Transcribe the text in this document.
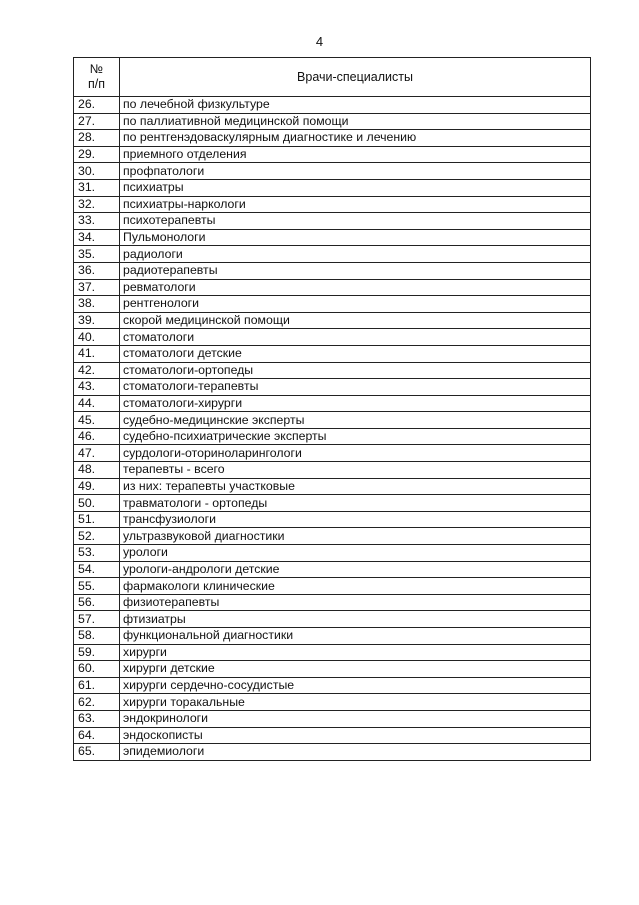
4
№
п/п	Врачи-специалисты
26.	по лечебной физкультуре
27.	по паллиативной медицинской помощи
28.	по рентгенэдоваскулярным диагностике и лечению
29.	приемного отделения
30.	профпатологи
31.	психиатры
32.	психиатры-наркологи
33.	психотерапевты
34.	Пульмонологи
35.	радиологи
36.	радиотерапевты
37.	ревматологи
38.	рентгенологи
39.	скорой медицинской помощи
40.	стоматологи
41.	стоматологи детские
42.	стоматологи-ортопеды
43.	стоматологи-терапевты
44.	стоматологи-хирурги
45.	судебно-медицинские эксперты
46.	судебно-психиатрические эксперты
47.	сурдологи-оториноларингологи
48.	терапевты - всего
49.	из них: терапевты участковые
50.	травматологи - ортопеды
51.	трансфузиологи
52.	ультразвуковой диагностики
53.	урологи
54.	урологи-андрологи детские
55.	фармакологи клинические
56.	физиотерапевты
57.	фтизиатры
58.	функциональной диагностики
59.	хирурги
60.	хирурги детские
61.	хирурги сердечно-сосудистые
62.	хирурги торакальные
63.	эндокринологи
64.	эндоскописты
65.	эпидемиологи
